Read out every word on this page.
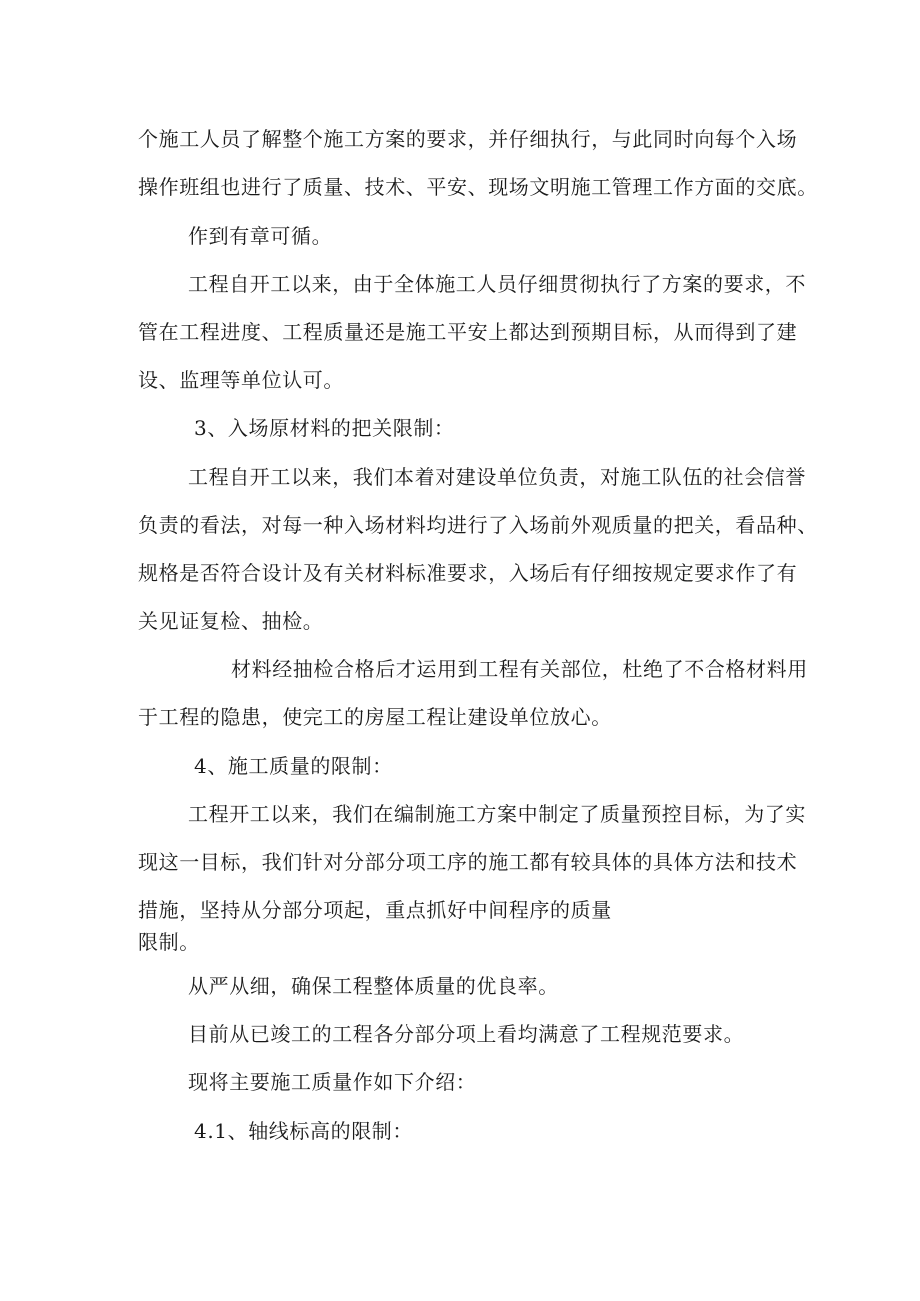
个施工人员了解整个施工方案的要求，并仔细执行，与此同时向每个入场
操作班组也进行了质量、技术、平安、现场文明施工管理工作方面的交底。
作到有章可循。
工程自开工以来，由于全体施工人员仔细贯彻执行了方案的要求，不
管在工程进度、工程质量还是施工平安上都达到预期目标，从而得到了建
设、监理等单位认可。
3、入场原材料的把关限制：
工程自开工以来，我们本着对建设单位负责，对施工队伍的社会信誉
负责的看法，对每一种入场材料均进行了入场前外观质量的把关，看品种、
规格是否符合设计及有关材料标准要求，入场后有仔细按规定要求作了有
关见证复检、抽检。
材料经抽检合格后才运用到工程有关部位，杜绝了不合格材料用
于工程的隐患，使完工的房屋工程让建设单位放心。
4、施工质量的限制：
工程开工以来，我们在编制施工方案中制定了质量预控目标，为了实
现这一目标，我们针对分部分项工序的施工都有较具体的具体方法和技术
措施，坚持从分部分项起，重点抓好中间程序的质量
限制。
从严从细，确保工程整体质量的优良率。
目前从已竣工的工程各分部分项上看均满意了工程规范要求。
现将主要施工质量作如下介绍：
4.1、轴线标高的限制：
